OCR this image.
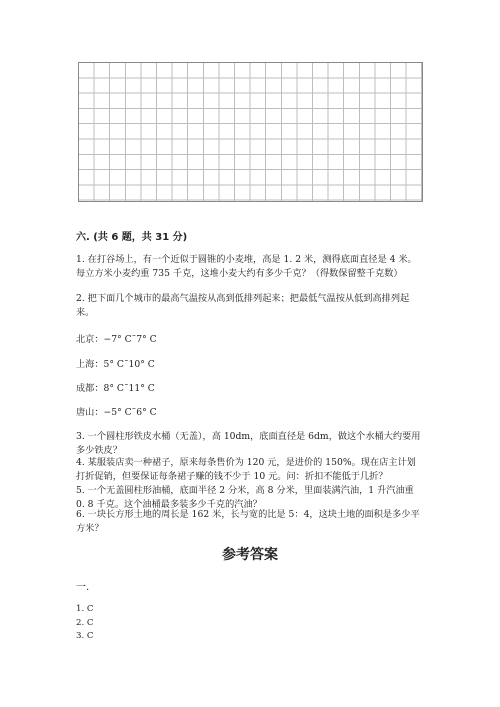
六. (共 6 题，共 31 分)
1. 在打谷场上，有一个近似于圆锥的小麦堆，高是 1. 2 米，测得底面直径是 4 米。每立方米小麦约重 735 千克，这堆小麦大约有多少千克？（得数保留整千克数）
2. 把下面几个城市的最高气温按从高到低排列起来；把最低气温按从低到高排列起来。
北京：−7° C˜7° C
上海：5° C˜10° C
成都：8° C˜11° C
唐山：−5° C˜6° C
3. 一个圆柱形铁皮水桶（无盖），高 10dm，底面直径是 6dm，做这个水桶大约要用多少铁皮？
4. 某服装店卖一种裙子，原来每条售价为 120 元，是进价的 150%。现在店主计划打折促销，但要保证每条裙子赚的钱不少于 10 元。问：折扣不能低于几折？
5. 一个无盖圆柱形油桶，底面半径 2 分米，高 8 分米，里面装满汽油，1 升汽油重 0. 8 千克。这个油桶最多装多少千克的汽油？
6. 一块长方形土地的周长是 162 米，长与宽的比是 5：4，这块土地的面积是多少平方米？
参考答案
一.
1. C
2. C
3. C
